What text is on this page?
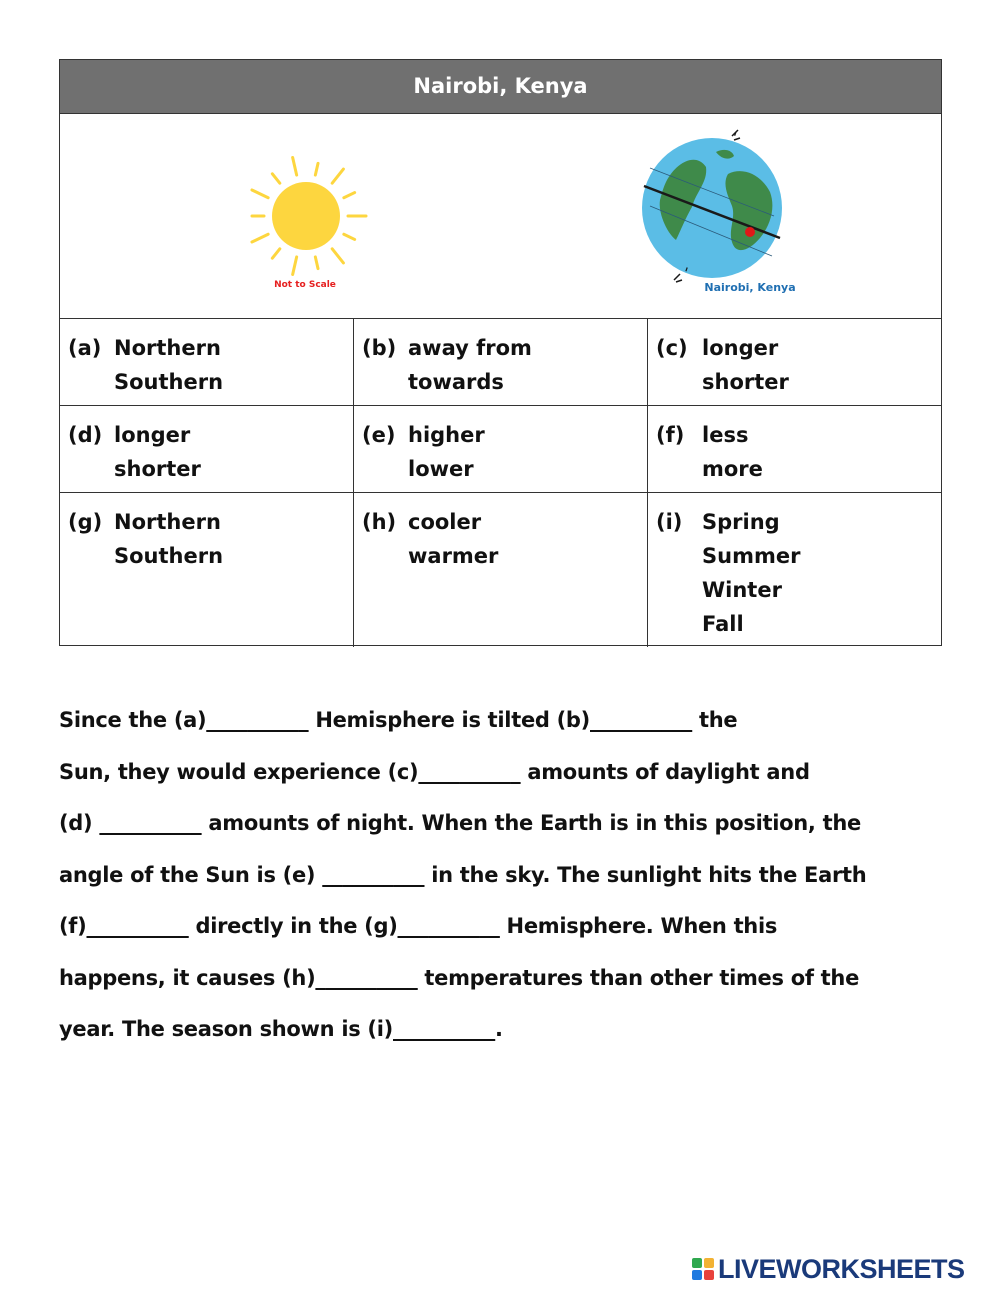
Nairobi, Kenya
Not to Scale	Nairobi, Kenya
(a) Northern
Southern
(b) away from
towards
(c) longer
shorter
(d) longer
shorter
(e) higher
lower
(f) less
more
(g) Northern
Southern
(h) cooler
warmer
(i) Spring
Summer
Winter
Fall
Since the (a)__________ Hemisphere is tilted (b)__________ the
Sun, they would experience (c)__________ amounts of daylight and
(d) __________ amounts of night. When the Earth is in this position, the
angle of the Sun is (e) __________ in the sky. The sunlight hits the Earth
(f)__________ directly in the (g)__________ Hemisphere. When this
happens, it causes (h)__________ temperatures than other times of the
year. The season shown is (i)__________.
LIVEWORKSHEETS
